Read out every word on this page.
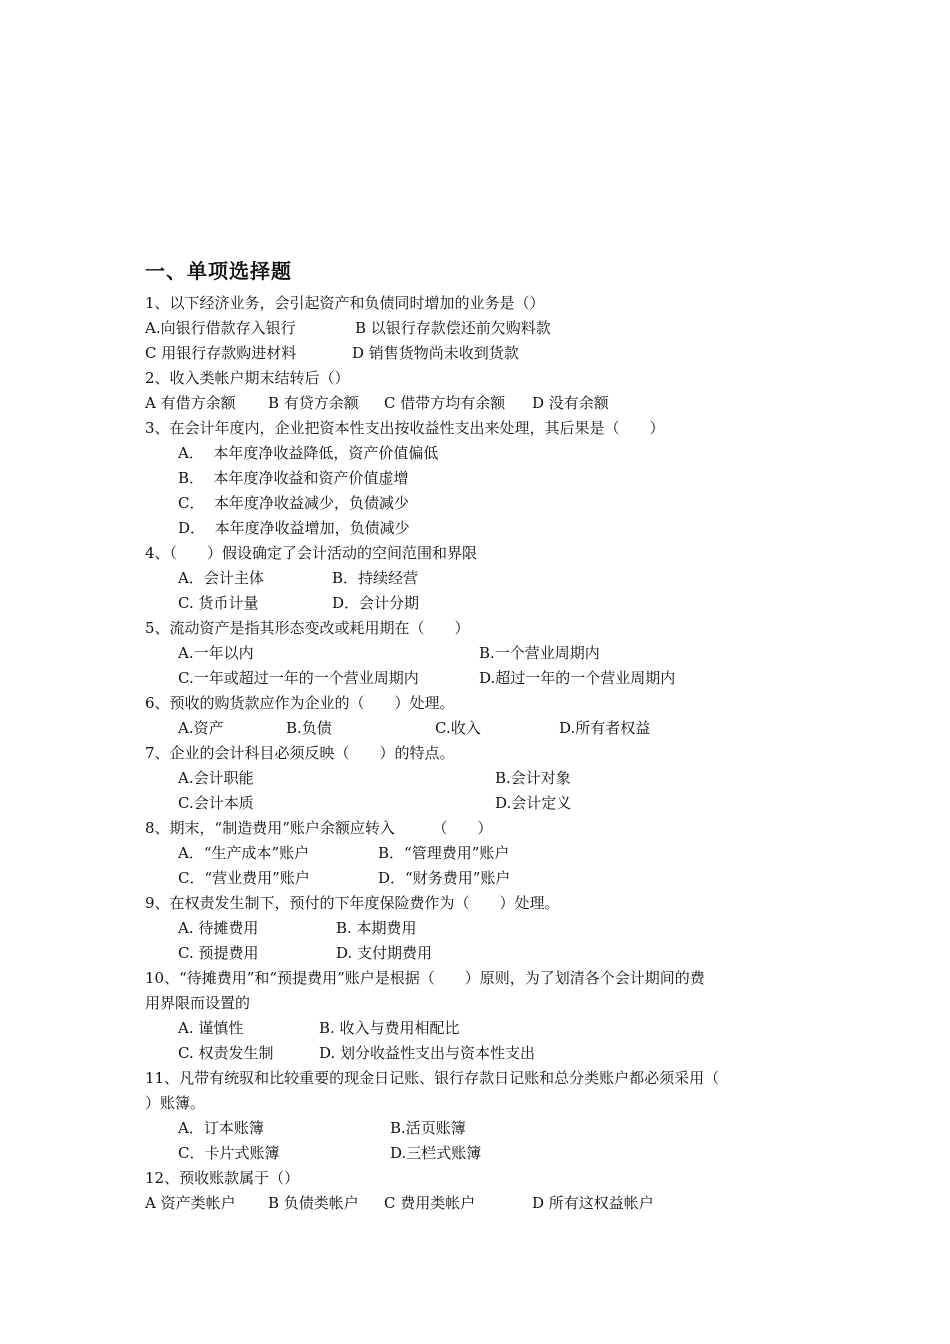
一、单项选择题
1、以下经济业务，会引起资产和负债同时增加的业务是（）

A.向银行借款存入银行

	B 以银行存款偿还前欠购料款

C 用银行存款购进材料

	D 销售货物尚未收到货款

2、收入类帐户期末结转后（）

A 有借方余额

B 有贷方余额

C 借带方均有余额

D 没有余额

3、在会计年度内，企业把资本性支出按收益性支出来处理，其后果是（　　）
A．  本年度净收益降低，资产价值偏低
B．  本年度净收益和资产价值虚增
C．  本年度净收益减少，负债减少
D．  本年度净收益增加，负债减少
4、（　　）假设确定了会计活动的空间范围和界限

A．会计主体

	B．持续经营

C. 货币计量

	D．会计分期

5、流动资产是指其形态变改或耗用期在（　　）

A.一年以内

	B.一个营业周期内

C.一年或超过一年的一个营业周期内

	D.超过一年的一个营业周期内

6、预收的购货款应作为企业的（　　）处理。

A.资产

	B.负债

	C.收入

	D.所有者权益

7、企业的会计科目必须反映（　　）的特点。

A.会计职能

	B.会计对象

C.会计本质

	D.会计定义

8、期末，“制造费用”账户余额应转入　　　（　　）

A．“生产成本”账户

	B．“管理费用”账户

C．“营业费用”账户

	D．“财务费用”账户

9、在权责发生制下，预付的下年度保险费作为（　　）处理。

A. 待摊费用

	B. 本期费用

C. 预提费用

	D. 支付期费用

10、“待摊费用”和“预提费用”账户是根据（　　）原则，为了划清各个会计期间的费
用界限而设置的

A. 谨慎性

	B. 收入与费用相配比

C. 权责发生制

	D. 划分收益性支出与资本性支出

11、凡带有统驭和比较重要的现金日记账、银行存款日记账和总分类账户都必须采用（
）账簿。

A．订本账簿

	B.活页账簿

C．卡片式账簿

	D.三栏式账簿

12、预收账款属于（）

A 资产类帐户

B 负债类帐户

C 费用类帐户

	D 所有这权益帐户
